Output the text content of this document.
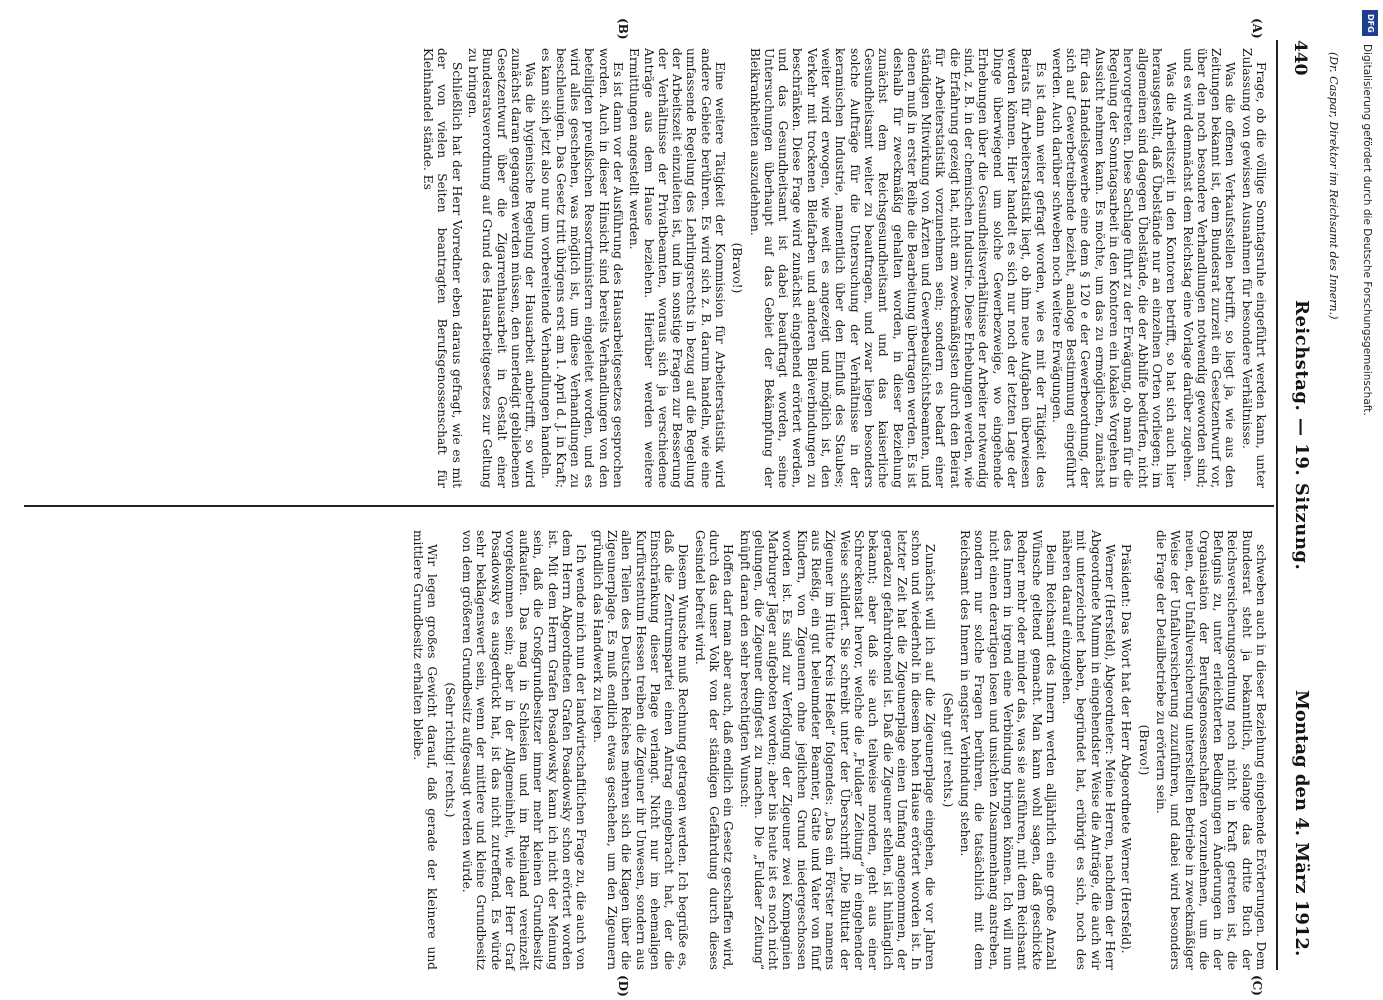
(Dr. Caspar, Direktor im Reichsamt des Innern.)
440
Reichstag. — 19. Sitzung.
Montag den 4. März 1912.
(A)
(B)
(C)
(D)

Frage, ob die völlige Sonntagsruhe eingeführt werden kann, unter Zulassung von gewissen Ausnahmen für besondere Verhältnisse.

Was die offenen Verkaufsstellen betrifft, so liegt ja, wie aus den Zeitungen bekannt ist, dem Bundesrat zurzeit ein Gesetzentwurf vor, über den noch besondere Verhandlungen notwendig geworden sind; und es wird demnächst dem Reichstag eine Vorlage darüber zugehen.

Was die Arbeitszeit in den Kontoren betrifft, so hat sich auch hier herausgestellt, daß Übelstände nur an einzelnen Orten vorliegen; im allgemeinen sind dagegen Übelstände, die der Abhilfe bedürfen, nicht hervorgetreten. Diese Sachlage führt zu der Erwägung, ob man für die Regelung der Sonntagsarbeit in den Kontoren ein lokales Vorgehen in Aussicht nehmen kann. Es möchte, um das zu ermöglichen, zunächst für das Handelsgewerbe eine dem § 120 e der Gewerbeordnung, der sich auf Gewerbetreibende bezieht, analoge Bestimmung eingeführt werden. Auch darüber schweben noch weitere Erwägungen.

Es ist dann weiter gefragt worden, wie es mit der Tätigkeit des Beirats für Arbeiterstatistik liegt, ob ihm neue Aufgaben überwiesen werden können. Hier handelt es sich nur noch der letzten Lage der Dinge überwiegend um solche Gewerbezweige, wo eingehende Erhebungen über die Gesundheitsverhältnisse der Arbeiter notwendig sind, z. B. in der chemischen Industrie. Diese Erhebungen werden, wie die Erfahrung gezeigt hat, nicht am zweckmäßigsten durch den Beirat für Arbeiterstatistik vorzunehmen sein; sondern es bedarf einer ständigen Mitwirkung von Ärzten und Gewerbeaufsichtsbeamten, und denen muß in erster Reihe die Bearbeitung übertragen werden. Es ist deshalb für zweckmäßig gehalten worden, in dieser Beziehung zunächst dem Reichsgesundheitsamt und das kaiserliche Gesundheitsamt weiter zu beauftragen, und zwar liegen besonders solche Aufträge für die Untersuchung der Verhältnisse in der keramischen Industrie, namentlich über den Einfluß des Staubes; weiter wird erwogen, wie weit es angezeigt und möglich ist, den Verkehr mit trockenen Bleifarben und anderen Bleiverbindungen zu beschränken. Diese Frage wird zunächst eingehend erörtert werden, und das Gesundheitsamt ist dabei beauftragt worden, seine Untersuchungen überhaupt auf das Gebiet der Bekämpfung der Bleikrankheiten auszudehnen.

(Bravo!)

Eine weitere Tätigkeit der Kommission für Arbeiterstatistik wird andere Gebiete berühren. Es wird sich z. B. darum handeln, wie eine umfassende Regelung des Lehrlingsrechts in bezug auf die Regelung der Arbeitszeit einzuleiten ist, und im sonstige Fragen zur Besserung der Verhältnisse der Privatbeamten, woraus sich ja verschiedene Anträge aus dem Hause beziehen. Hierüber werden weitere Ermittlungen angestellt werden.

Es ist dann vor der Ausführung des Hausarbeitgesetzes gesprochen worden. Auch in dieser Hinsicht sind bereits Verhandlungen von den beteiligten preußischen Ressortministern eingeleitet worden, und es wird alles geschehen, was möglich ist, um diese Verhandlungen zu beschleunigen. Das Gesetz tritt übrigens erst am 1. April d. J. in Kraft; es kann sich jetzt also nur um vorbereitende Verhandlungen handeln.

Was die hygienische Regelung der Hausarbeit anbetrifft, so wird zunächst daran gegangen werden müssen, den unerledigt gebliebenen Gesetzentwurf über die Zigarrenhausarbeit in Gestalt einer Bundesratsverordnung auf Grund des Hausarbeitgesetzes zur Geltung zu bringen.

Schließlich hat der Herr Vorredner eben daraus gefragt, wie es mit der von vielen Seiten beantragten Berufsgenossenschaft für Kleinhandel stände. Es

schweben auch in dieser Beziehung eingehende Erörterungen. Dem Bundesrat steht ja bekanntlich, solange das dritte Buch der Reichsversicherungsordnung noch nicht in Kraft getreten ist, die Befugnis zu, unter erleichterten Bedingungen Änderungen in der Organisation der Berufsgenossenschaften vorzunehmen, um die neuen, der Unfallversicherung unterstellten Betriebe in zweckmäßiger Weise der Unfallversicherung zuzuführen, und dabei wird besonders die Frage der Detailbetriebe zu erörtern sein.

(Bravo!)

Präsident: Das Wort hat der Herr Abgeordnete Werner (Hersfeld).

Werner (Hersfeld), Abgeordneter: Meine Herren, nachdem der Herr Abgeordnete Mumm in eingehendster Weise die Anträge, die auch wir mit unterzeichnet haben, begründet hat, erübrigt es sich, noch des näheren darauf einzugehen.

Beim Reichsamt des Innern werden alljährlich eine große Anzahl Wünsche geltend gemacht. Man kann wohl sagen, daß geschickte Redner mehr oder minder das, was sie ausführen, mit dem Reichsamt des Innern in irgend eine Verbindung bringen können. Ich will nun nicht einen derartigen losen und unsichten Zusammenhang anstreben, sondern nur solche Fragen berühren, die tatsächlich mit dem Reichsamt des Innern in engster Verbindung stehen.

(Sehr gut! rechts.)

Zunächst will ich auf die Zigeunerplage eingehen, die vor Jahren schon und wiederholt in diesem hohen Hause erörtert worden ist. In letzter Zeit hat die Zigeunerplage einen Umfang angenommen, der geradezu gefahrdrohend ist. Daß die Zigeuner stehlen, ist hinlänglich bekannt; aber daß sie auch teilweise morden, geht aus einer Schreckenstat hervor, welche die „Fuldaer Zeitung“ in eingehender Weise schildert. Sie schreibt unter der Überschrift „Die Bluttat der Zigeuner im Hütte Kreis Heßel“ folgendes: „Das ein Förster namens aus Rießig, ein gut beleumdeter Beamter, Gatte und Vater von fünf Kindern, von Zigeunern ohne jeglichen Grund niedergeschossen worden ist. Es sind zur Verfolgung der Zigeuner zwei Kompagnien Marburger Jäger aufgeboten worden; aber bis heute ist es noch nicht gelungen, die Zigeuner dingfest zu machen. Die „Fuldaer Zeitung“ knüpft daran den sehr berechtigten Wunsch:

Hoffen darf man aber auch, daß endlich ein Gesetz geschaffen wird, durch das unser Volk von der ständigen Gefährdung durch dieses Gesindel befreit wird.

Diesem Wunsche muß Rechnung getragen werden. Ich begrüße es, daß die Zentrumspartei einen Antrag eingebracht hat, der die Einschränkung dieser Plage verlangt. Nicht nur im ehemaligen Kurfürstentum Hessen treiben die Zigeuner ihr Unwesen, sondern aus allen Teilen des Deutschen Reiches mehren sich die Klagen über die Zigeunerplage. Es muß endlich etwas geschehen, um den Zigeunern gründlich das Handwerk zu legen.

Ich wende mich nun der landwirtschaftlichen Frage zu, die auch von dem Herrn Abgeordneten Grafen Posadowsky schon erörtert worden ist. Mit dem Herrn Grafen Posadowsky kann ich nicht der Meinung sein, daß die Großgrundbesitzer immer mehr kleinen Grundbesitz aufkaufen. Das mag in Schlesien und im Rheinland vereinzelt vorgekommen sein; aber in der Allgemeinheit, wie der Herr Graf Posadowsky es ausgedrückt hat, ist das nicht zutreffend. Es würde sehr beklagenswert sein, wenn der mittlere und kleine Grundbesitz von dem größeren Grundbesitz aufgesaugt werden würde.

(Sehr richtig! rechts.)

Wir legen großes Gewicht darauf, daß gerade der kleinere und mittlere Grundbesitz erhalten bleibe.

DFG
Digitalisierung gefördert durch die Deutsche Forschungsgemeinschaft.
